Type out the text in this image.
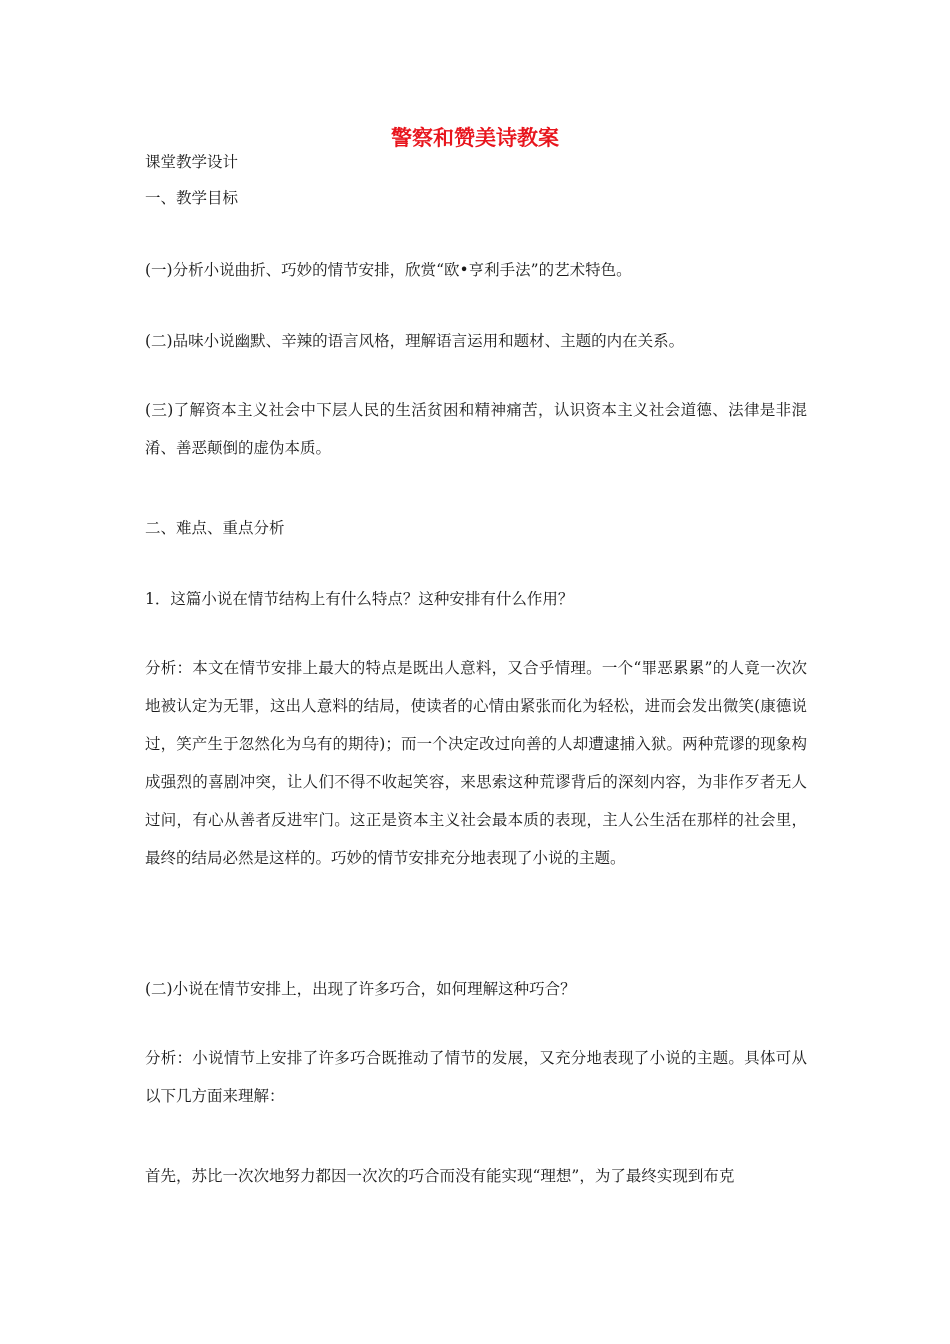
警察和赞美诗教案
课堂教学设计
一、教学目标
(一)分析小说曲折、巧妙的情节安排，欣赏“欧•亨利手法”的艺术特色。
(二)品味小说幽默、辛辣的语言风格，理解语言运用和题材、主题的内在关系。
(三)了解资本主义社会中下层人民的生活贫困和精神痛苦，认识资本主义社会道德、法律是非混淆、善恶颠倒的虚伪本质。
二、难点、重点分析
1．这篇小说在情节结构上有什么特点？这种安排有什么作用？
分析：本文在情节安排上最大的特点是既出人意料，又合乎情理。一个“罪恶累累”的人竟一次次地被认定为无罪，这出人意料的结局，使读者的心情由紧张而化为轻松，进而会发出微笑(康德说过，笑产生于忽然化为乌有的期待)；而一个决定改过向善的人却遭逮捕入狱。两种荒谬的现象构成强烈的喜剧冲突，让人们不得不收起笑容，来思索这种荒谬背后的深刻内容，为非作歹者无人过问，有心从善者反进牢门。这正是资本主义社会最本质的表现，主人公生活在那样的社会里，最终的结局必然是这样的。巧妙的情节安排充分地表现了小说的主题。
(二)小说在情节安排上，出现了许多巧合，如何理解这种巧合？
分析：小说情节上安排了许多巧合既推动了情节的发展，又充分地表现了小说的主题。具体可从以下几方面来理解：
首先，苏比一次次地努力都因一次次的巧合而没有能实现“理想”，为了最终实现到布克
